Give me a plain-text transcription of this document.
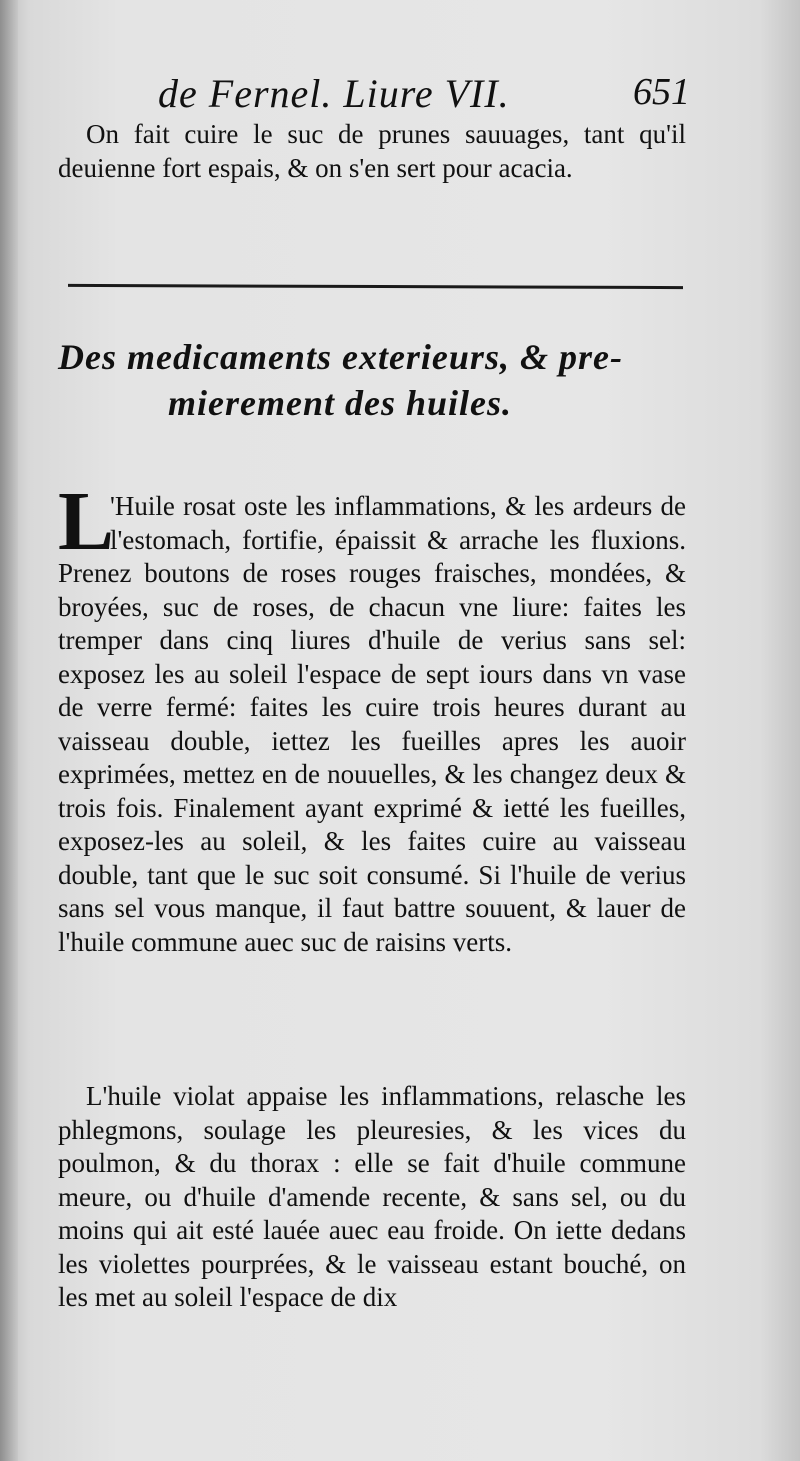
de Fernel. Liure VII.	651

On fait cuire le suc de prunes sauuages, tant qu'il deuienne fort espais, & on s'en sert pour acacia.

Des medicaments exterieurs, & pre-
mierement des huiles.

L
'Huile rosat oste les inflammations, & les ardeurs de l'estomach, fortifie, épaissit & arrache les fluxions. Prenez boutons de roses rouges fraisches, mondées, & broyées, suc de roses, de chacun vne liure: faites les tremper dans cinq liures d'huile de verius sans sel: exposez les au soleil l'espace de sept iours dans vn vase de verre fermé: faites les cuire trois heures durant au vaisseau double, iettez les fueilles apres les auoir exprimées, mettez en de nouuelles, & les changez deux & trois fois. Finalement ayant exprimé & ietté les fueilles, exposez-les au soleil, & les faites cuire au vaisseau double, tant que le suc soit consumé. Si l'huile de verius sans sel vous manque, il faut battre souuent, & lauer de l'huile commune auec suc de raisins verts.

L'huile violat appaise les inflammations, relasche les phlegmons, soulage les pleuresies, & les vices du poulmon, & du thorax : elle se fait d'huile commune meure, ou d'huile d'amende recente, & sans sel, ou du moins qui ait esté lauée auec eau froide. On iette dedans les violettes pourprées, & le vaisseau estant bouché, on les met au soleil l'espace de dix
